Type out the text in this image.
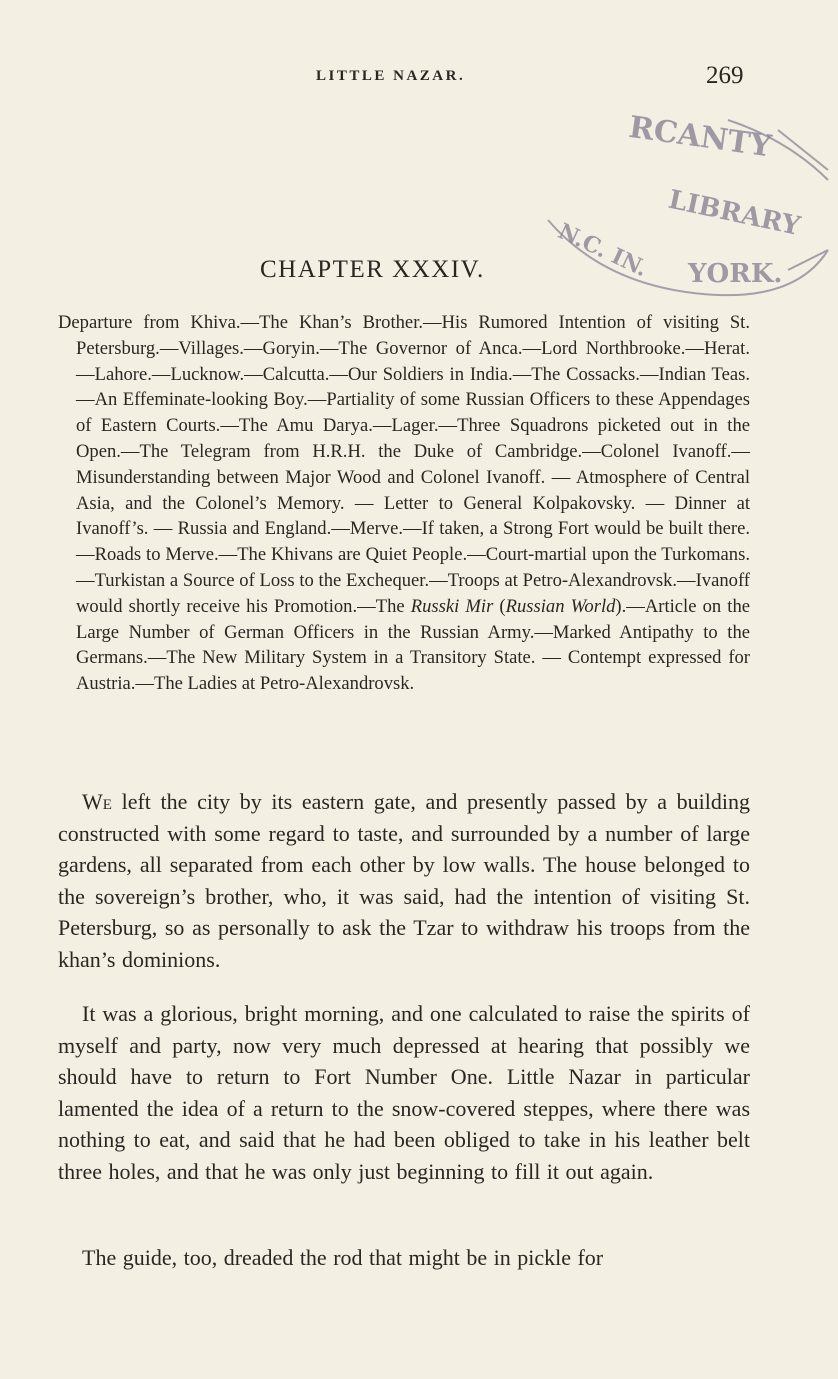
LITTLE NAZAR.	269
RCANTY
LIBRARY
YORK.
N.C. IN.
CHAPTER XXXIV.
Departure from Khiva.—The Khan’s Brother.—His Rumored Intention of visiting St. Petersburg.—Villages.—Goryin.—The Governor of Anca.—Lord Northbrooke.—Herat.—Lahore.—Lucknow.—Calcutta.—Our Soldiers in India.—The Cossacks.—Indian Teas.—An Effeminate-looking Boy.—Partiality of some Russian Officers to these Appendages of Eastern Courts.—The Amu Darya.—Lager.—Three Squadrons picketed out in the Open.—The Telegram from H.R.H. the Duke of Cambridge.—Colonel Ivanoff.—Misunderstanding between Major Wood and Colonel Ivanoff. — Atmosphere of Central Asia, and the Colonel’s Memory. — Letter to General Kolpakovsky. — Dinner at Ivanoff’s. — Russia and England.—Merve.—If taken, a Strong Fort would be built there.—Roads to Merve.—The Khivans are Quiet People.—Court-martial upon the Turkomans.—Turkistan a Source of Loss to the Exchequer.—Troops at Petro-Alexandrovsk.—Ivanoff would shortly receive his Promotion.—The Russki Mir (Russian World).—Article on the Large Number of German Officers in the Russian Army.—Marked Antipathy to the Germans.—The New Military System in a Transitory State. — Contempt expressed for Austria.—The Ladies at Petro-Alexandrovsk.

We left the city by its eastern gate, and presently passed by a building constructed with some regard to taste, and surrounded by a number of large gardens, all separated from each other by low walls. The house belonged to the sovereign’s brother, who, it was said, had the intention of visiting St. Petersburg, so as personally to ask the Tzar to withdraw his troops from the khan’s dominions.

It was a glorious, bright morning, and one calculated to raise the spirits of myself and party, now very much depressed at hearing that possibly we should have to return to Fort Number One. Little Nazar in particular lamented the idea of a return to the snow-covered steppes, where there was nothing to eat, and said that he had been obliged to take in his leather belt three holes, and that he was only just beginning to fill it out again.

The guide, too, dreaded the rod that might be in pickle for
